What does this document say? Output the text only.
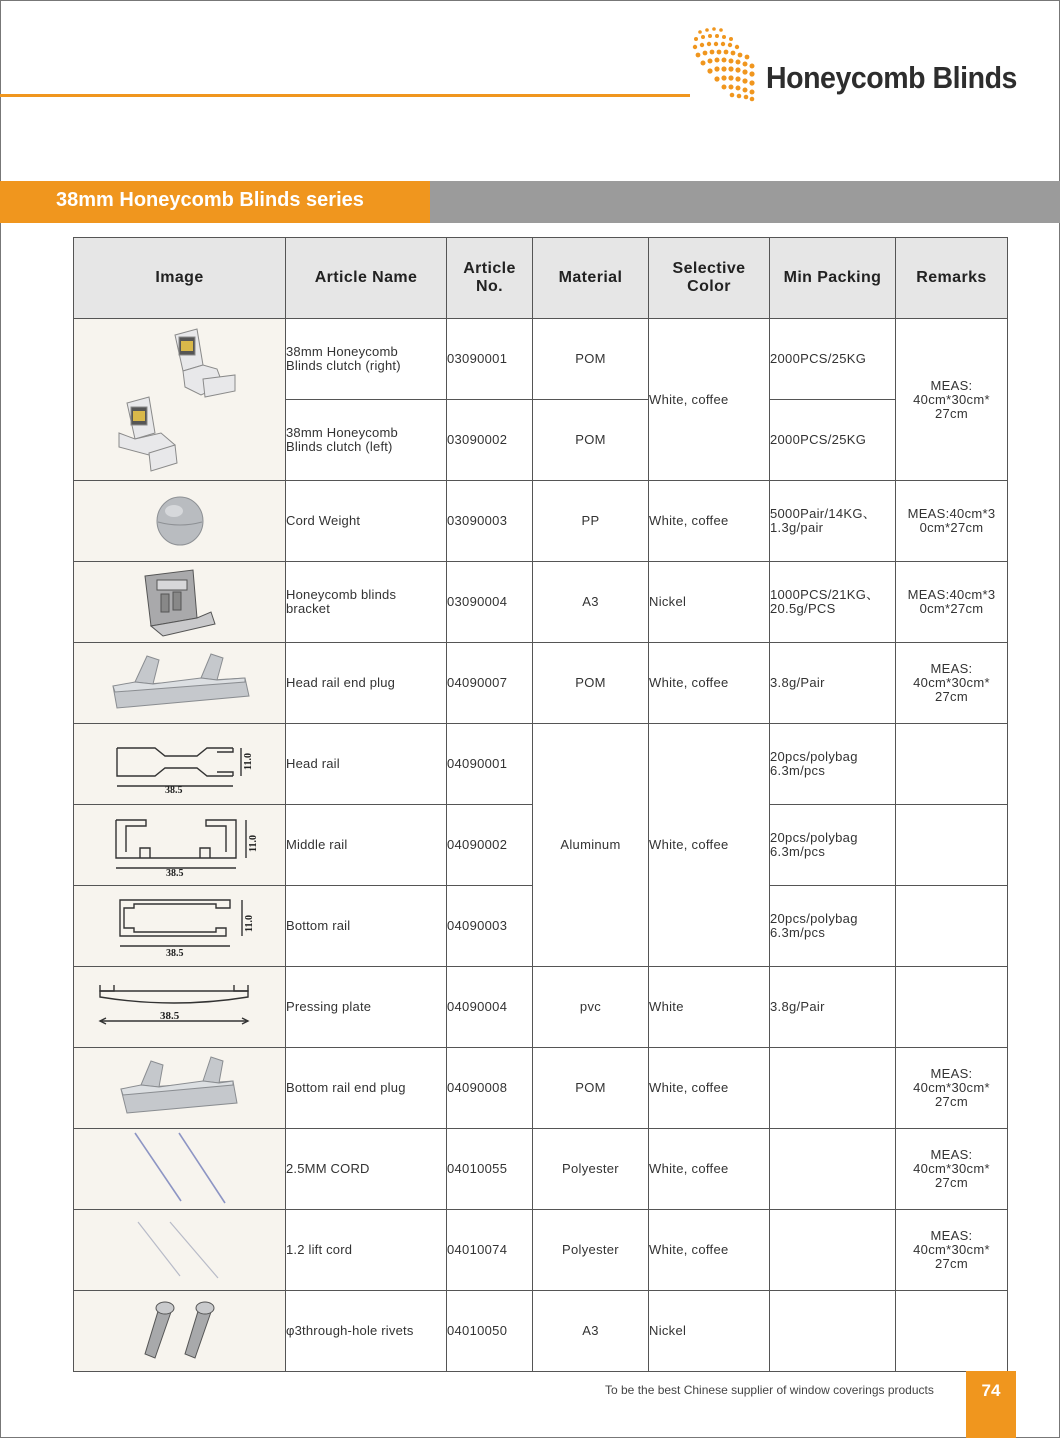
Honeycomb Blinds
38mm Honeycomb Blinds series
Image	Article Name	Article No.	Material	Selective Color	Min Packing	Remarks

	38mm Honeycomb Blinds clutch (right)	03090001	POM	White, coffee	2000PCS/25KG	MEAS: 40cm*30cm* 27cm
	38mm Honeycomb Blinds clutch (left)	03090002	POM		2000PCS/25KG	

	Cord Weight	03090003	PP	White, coffee	5000Pair/14KG、1.3g/pair	MEAS:40cm*30cm*27cm

	Honeycomb blinds bracket	03090004	A3	Nickel	1000PCS/21KG、20.5g/PCS	MEAS:40cm*30cm*27cm

	Head rail end plug	04090007	POM	White, coffee	3.8g/Pair	MEAS: 40cm*30cm* 27cm

38.5
11.0	Head rail	04090001	Aluminum	White, coffee	20pcs/polybag 6.3m/pcs	

38.5
11.0	Middle rail	04090002			20pcs/polybag 6.3m/pcs	

38.5
11.0	Bottom rail	04090003			20pcs/polybag 6.3m/pcs	

38.5	Pressing plate	04090004	pvc	White	3.8g/Pair	

	Bottom rail end plug	04090008	POM	White, coffee		MEAS: 40cm*30cm* 27cm

	2.5MM CORD	04010055	Polyester	White, coffee		MEAS: 40cm*30cm* 27cm

	1.2 lift cord	04010074	Polyester	White, coffee		MEAS: 40cm*30cm* 27cm

	φ3through-hole rivets	04010050	A3	Nickel		
To be the best Chinese supplier of window coverings products	74
